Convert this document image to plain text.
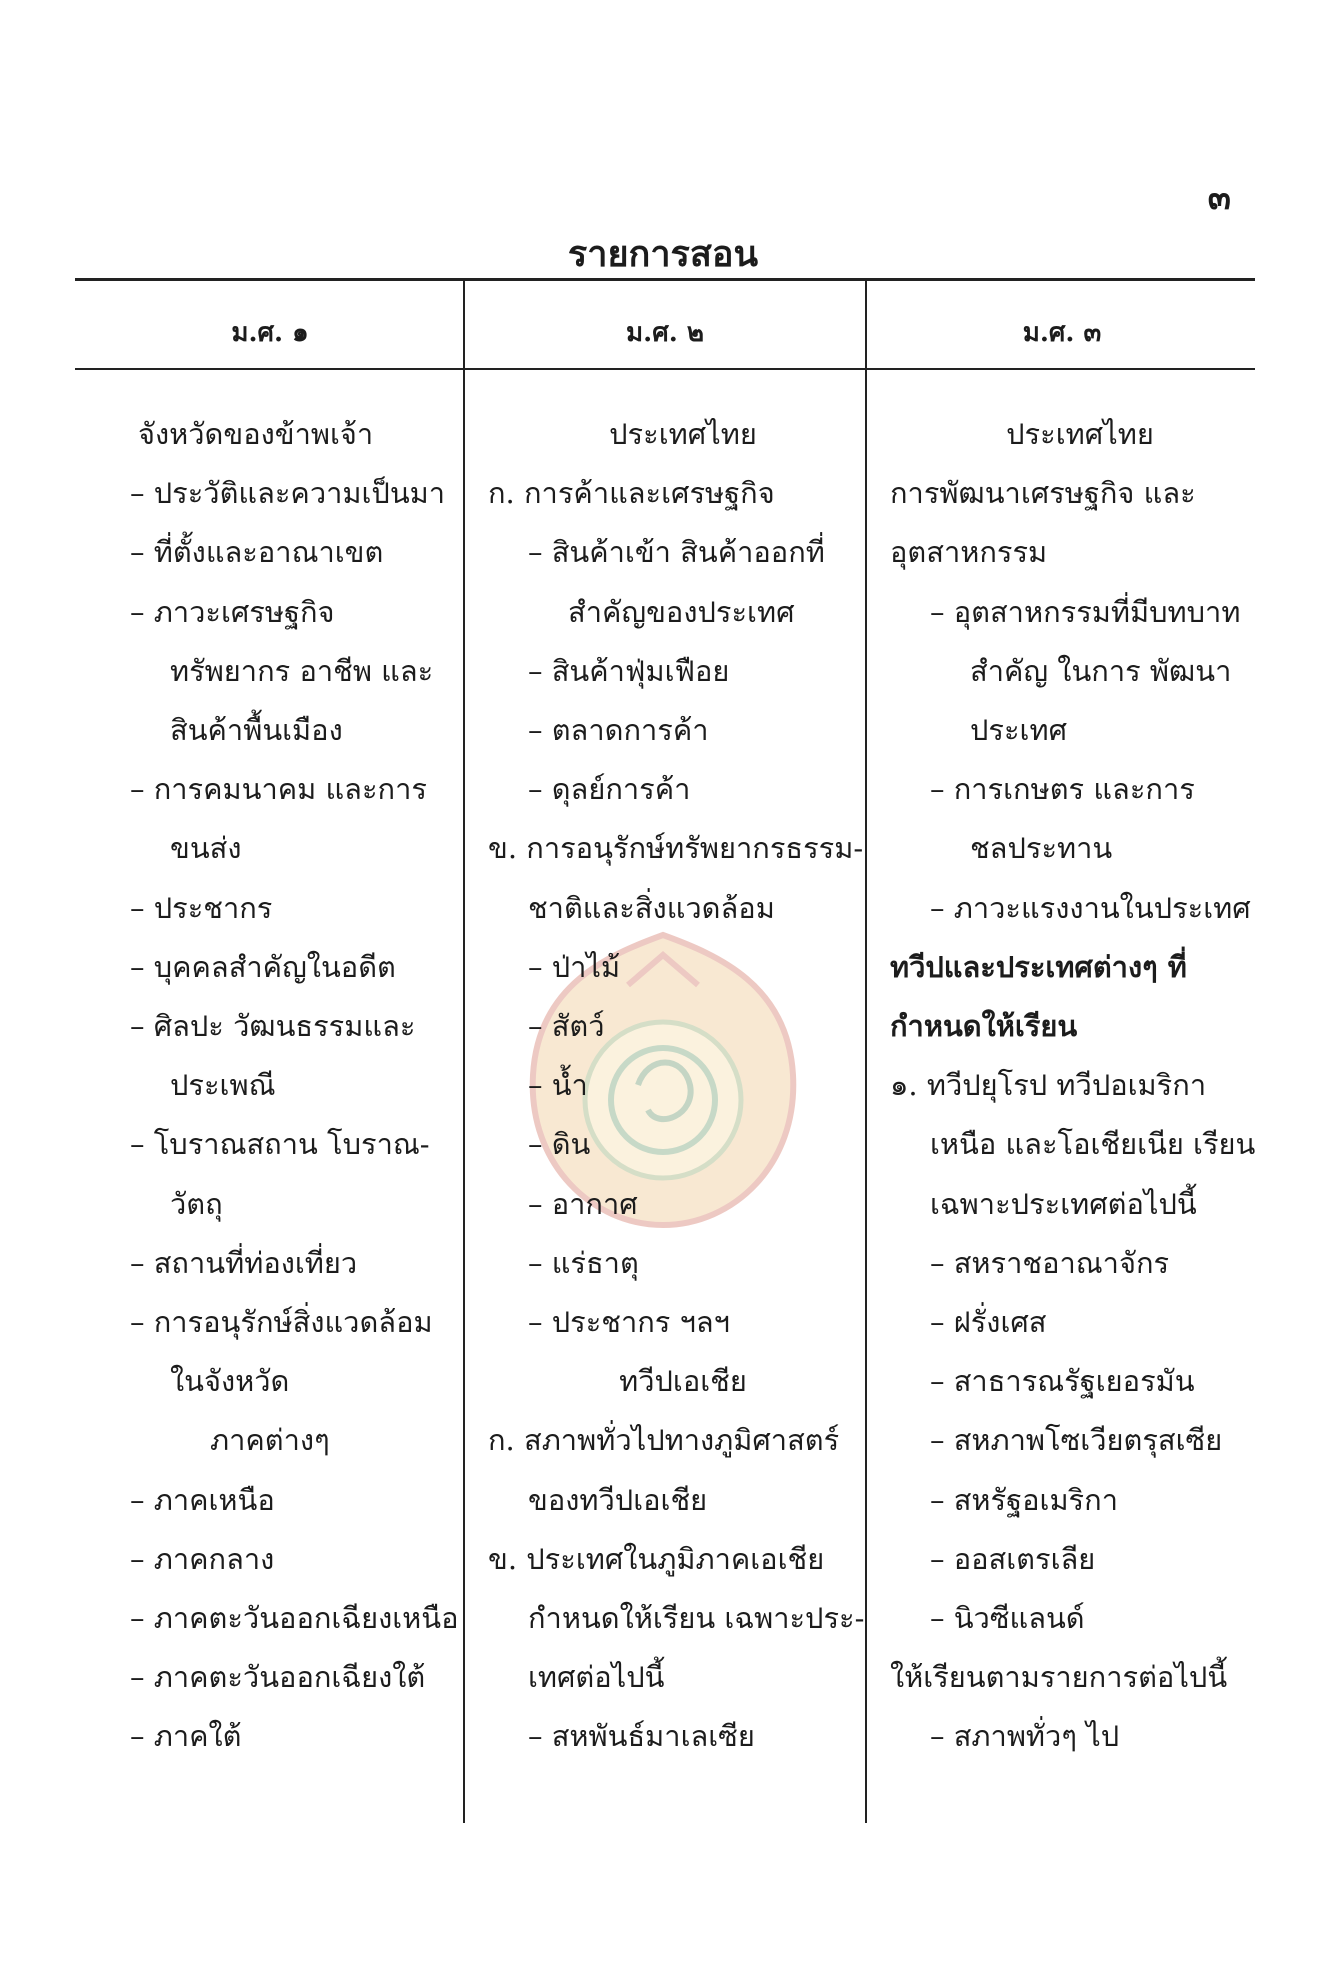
๓
รายการสอน
ม.ศ. ๑	ม.ศ. ๒	ม.ศ. ๓
จังหวัดของข้าพเจ้า
– ประวัติและความเป็นมา
– ที่ตั้งและอาณาเขต
– ภาวะเศรษฐกิจ
ทรัพยากร อาชีพ และ
สินค้าพื้นเมือง
– การคมนาคม และการ
ขนส่ง
– ประชากร
– บุคคลสำคัญในอดีต
– ศิลปะ วัฒนธรรมและ
ประเพณี
– โบราณสถาน โบราณ-
วัตถุ
– สถานที่ท่องเที่ยว
– การอนุรักษ์สิ่งแวดล้อม
ในจังหวัด
ภาคต่างๆ
– ภาคเหนือ
– ภาคกลาง
– ภาคตะวันออกเฉียงเหนือ
– ภาคตะวันออกเฉียงใต้
– ภาคใต้
ประเทศไทย
ก. การค้าและเศรษฐกิจ
– สินค้าเข้า สินค้าออกที่
สำคัญของประเทศ
– สินค้าฟุ่มเฟือย
– ตลาดการค้า
– ดุลย์การค้า
ข. การอนุรักษ์ทรัพยากรธรรม-
ชาติและสิ่งแวดล้อม
– ป่าไม้
– สัตว์
– น้ำ
– ดิน
– อากาศ
– แร่ธาตุ
– ประชากร ฯลฯ
ทวีปเอเชีย
ก. สภาพทั่วไปทางภูมิศาสตร์
ของทวีปเอเชีย
ข. ประเทศในภูมิภาคเอเชีย
กำหนดให้เรียน เฉพาะประ-
เทศต่อไปนี้
– สหพันธ์มาเลเซีย
ประเทศไทย
การพัฒนาเศรษฐกิจ และ
อุตสาหกรรม
– อุตสาหกรรมที่มีบทบาท
สำคัญ ในการ พัฒนา
ประเทศ
– การเกษตร และการ
ชลประทาน
– ภาวะแรงงานในประเทศ
ทวีปและประเทศต่างๆ ที่
กำหนดให้เรียน
๑. ทวีปยุโรป ทวีปอเมริกา
เหนือ และโอเชียเนีย เรียน
เฉพาะประเทศต่อไปนี้
– สหราชอาณาจักร
– ฝรั่งเศส
– สาธารณรัฐเยอรมัน
– สหภาพโซเวียตรุสเซีย
– สหรัฐอเมริกา
– ออสเตรเลีย
– นิวซีแลนด์
ให้เรียนตามรายการต่อไปนี้
– สภาพทั่วๆ ไป
